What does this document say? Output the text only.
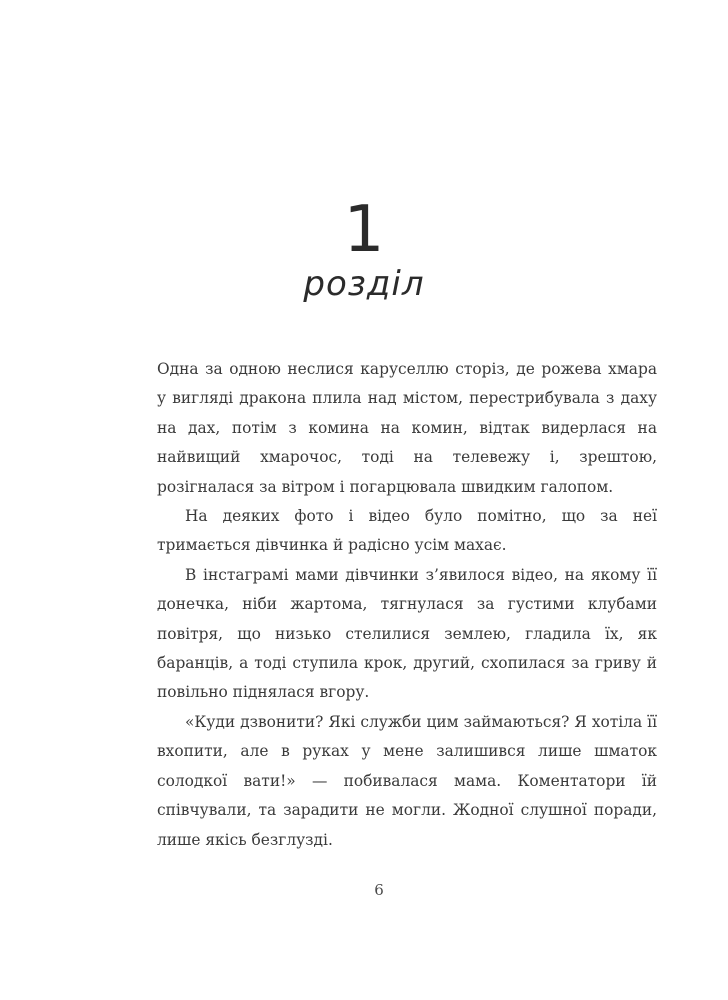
1
розділ

Одна за одною неслися каруселлю сторіз, де рожева хмара у вигляді дракона плила над містом, перестрибувала з даху на дах, потім з комина на комин, відтак видерлася на найвищий хмарочос, тоді на телевежу і, зрештою, розігналася за вітром і погарцювала швидким галопом.

На деяких фото і відео було помітно, що за неї тримається дівчинка й радісно усім махає.

В інстаграмі мами дівчинки з’явилося відео, на якому її донечка, ніби жартома, тягнулася за густими клубами повітря, що низько стелилися землею, гладила їх, як баранців, а тоді ступила крок, другий, схопилася за гриву й повільно піднялася вгору.

«Куди дзвонити? Які служби цим займаються? Я хотіла її вхопити, але в руках у мене залишився лише шматок солодкої вати!» — побивалася мама. Коментатори їй співчували, та зарадити не могли. Жодної слушної поради, лише якісь безглузді.

6
